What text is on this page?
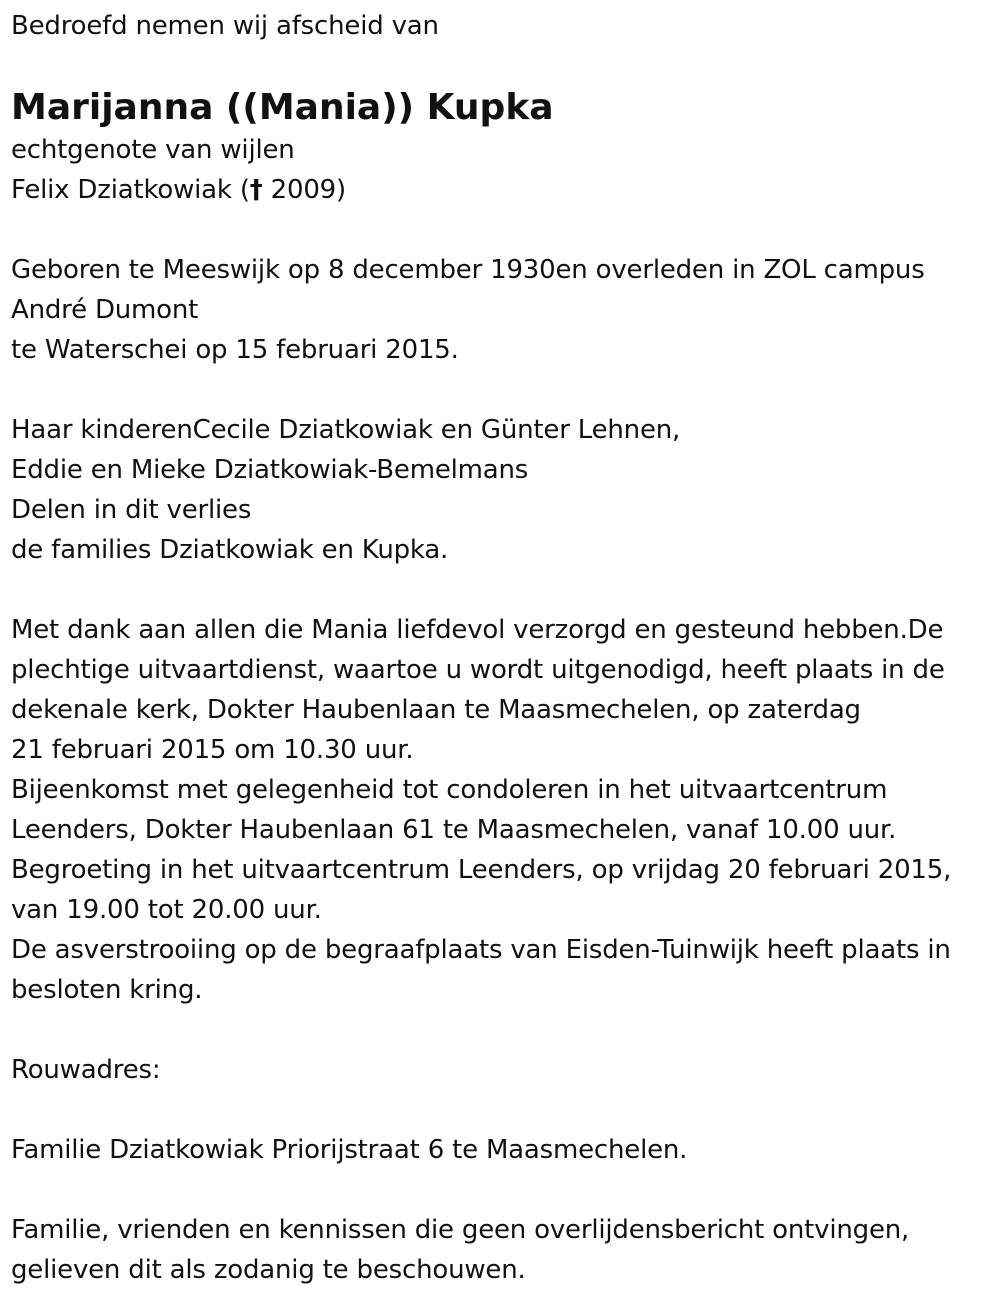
Bedroefd nemen wij afscheid van
Marijanna ((Mania)) Kupka
echtgenote van wijlen
Felix Dziatkowiak († 2009)
Geboren te Meeswijk op 8 december 1930en overleden in ZOL campus
André Dumont
te Waterschei op 15 februari 2015.
Haar kinderenCecile Dziatkowiak en Günter Lehnen,
Eddie en Mieke Dziatkowiak-Bemelmans
Delen in dit verlies
de families Dziatkowiak en Kupka.
Met dank aan allen die Mania liefdevol verzorgd en gesteund hebben.De
plechtige uitvaartdienst, waartoe u wordt uitgenodigd, heeft plaats in de
dekenale kerk, Dokter Haubenlaan te Maasmechelen, op zaterdag
21 februari 2015 om 10.30 uur.
Bijeenkomst met gelegenheid tot condoleren in het uitvaartcentrum
Leenders, Dokter Haubenlaan 61 te Maasmechelen, vanaf 10.00 uur.
Begroeting in het uitvaartcentrum Leenders, op vrijdag 20 februari 2015,
van 19.00 tot 20.00 uur.
De asverstrooiing op de begraafplaats van Eisden-Tuinwijk heeft plaats in
besloten kring.
Rouwadres:
Familie Dziatkowiak Priorijstraat 6 te Maasmechelen.
Familie, vrienden en kennissen die geen overlijdensbericht ontvingen,
gelieven dit als zodanig te beschouwen.
